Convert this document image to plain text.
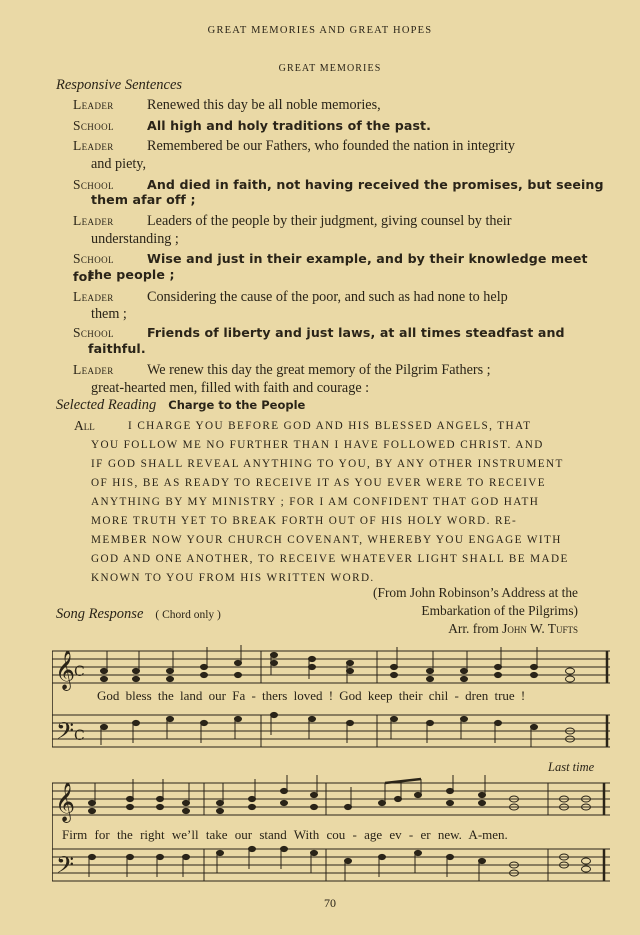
GREAT MEMORIES AND GREAT HOPES
GREAT MEMORIES
Responsive Sentences
Leader Renewed this day be all noble memories,
School	All high and holy traditions of the past.
Leader Remembered be our Fathers, who founded the nation in integrity
and piety,
School	And died in faith, not having received the promises, but seeing
them afar off ;
Leader Leaders of the people by their judgment, giving counsel by their
understanding ;
School	Wise and just in their example, and by their knowledge meet for
the people ;
Leader Considering the cause of the poor, and such as had none to help
them ;
School	Friends of liberty and just laws, at all times steadfast and
faithful.
Leader We renew this day the great memory of the Pilgrim Fathers ;
great-hearted men, filled with faith and courage :
Selected Reading Charge to the People
All	I CHARGE YOU BEFORE GOD AND HIS BLESSED ANGELS, THAT
YOU FOLLOW ME NO FURTHER THAN I HAVE FOLLOWED CHRIST. AND
IF GOD SHALL REVEAL ANYTHING TO YOU, BY ANY OTHER INSTRUMENT
OF HIS, BE AS READY TO RECEIVE IT AS YOU EVER WERE TO RECEIVE
ANYTHING BY MY MINISTRY ; FOR I AM CONFIDENT THAT GOD HATH
MORE TRUTH YET TO BREAK FORTH OUT OF HIS HOLY WORD. RE-
MEMBER NOW YOUR CHURCH COVENANT, WHEREBY YOU ENGAGE WITH
GOD AND ONE ANOTHER, TO RECEIVE WHATEVER LIGHT SHALL BE MADE
KNOWN TO YOU FROM HIS WRITTEN WORD.
(From John Robinson’s Address at the
Embarkation of the Pilgrims)
Song Response ( Chord only )
Arr. from John W. Tufts
𝄞
𝄢
C
C
God bless the land our Fa - thers loved ! God keep their chil - dren true !
Last time
𝄞
𝄢
Firm for the right we’ll take our stand With cou - age ev - er new. A-men.
70
